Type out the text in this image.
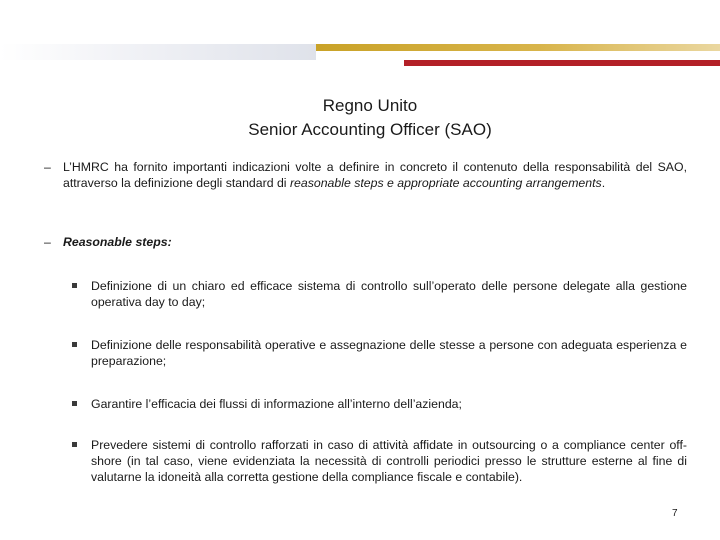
Regno Unito
Senior Accounting Officer (SAO)
– L’HMRC ha fornito importanti indicazioni volte a definire in concreto il contenuto della responsabilità del SAO, attraverso la definizione degli standard di reasonable steps e appropriate accounting arrangements.
– Reasonable steps:
Definizione di un chiaro ed efficace sistema di controllo sull’operato delle persone delegate alla gestione operativa day to day;
Definizione delle responsabilità operative e assegnazione delle stesse a persone con adeguata esperienza e preparazione;
Garantire l’efficacia dei flussi di informazione all’interno dell’azienda;
Prevedere sistemi di controllo rafforzati in caso di attività affidate in outsourcing o a compliance center off-shore (in tal caso, viene evidenziata la necessità di controlli periodici presso le strutture esterne al fine di valutarne la idoneità alla corretta gestione della compliance fiscale e contabile).
7
